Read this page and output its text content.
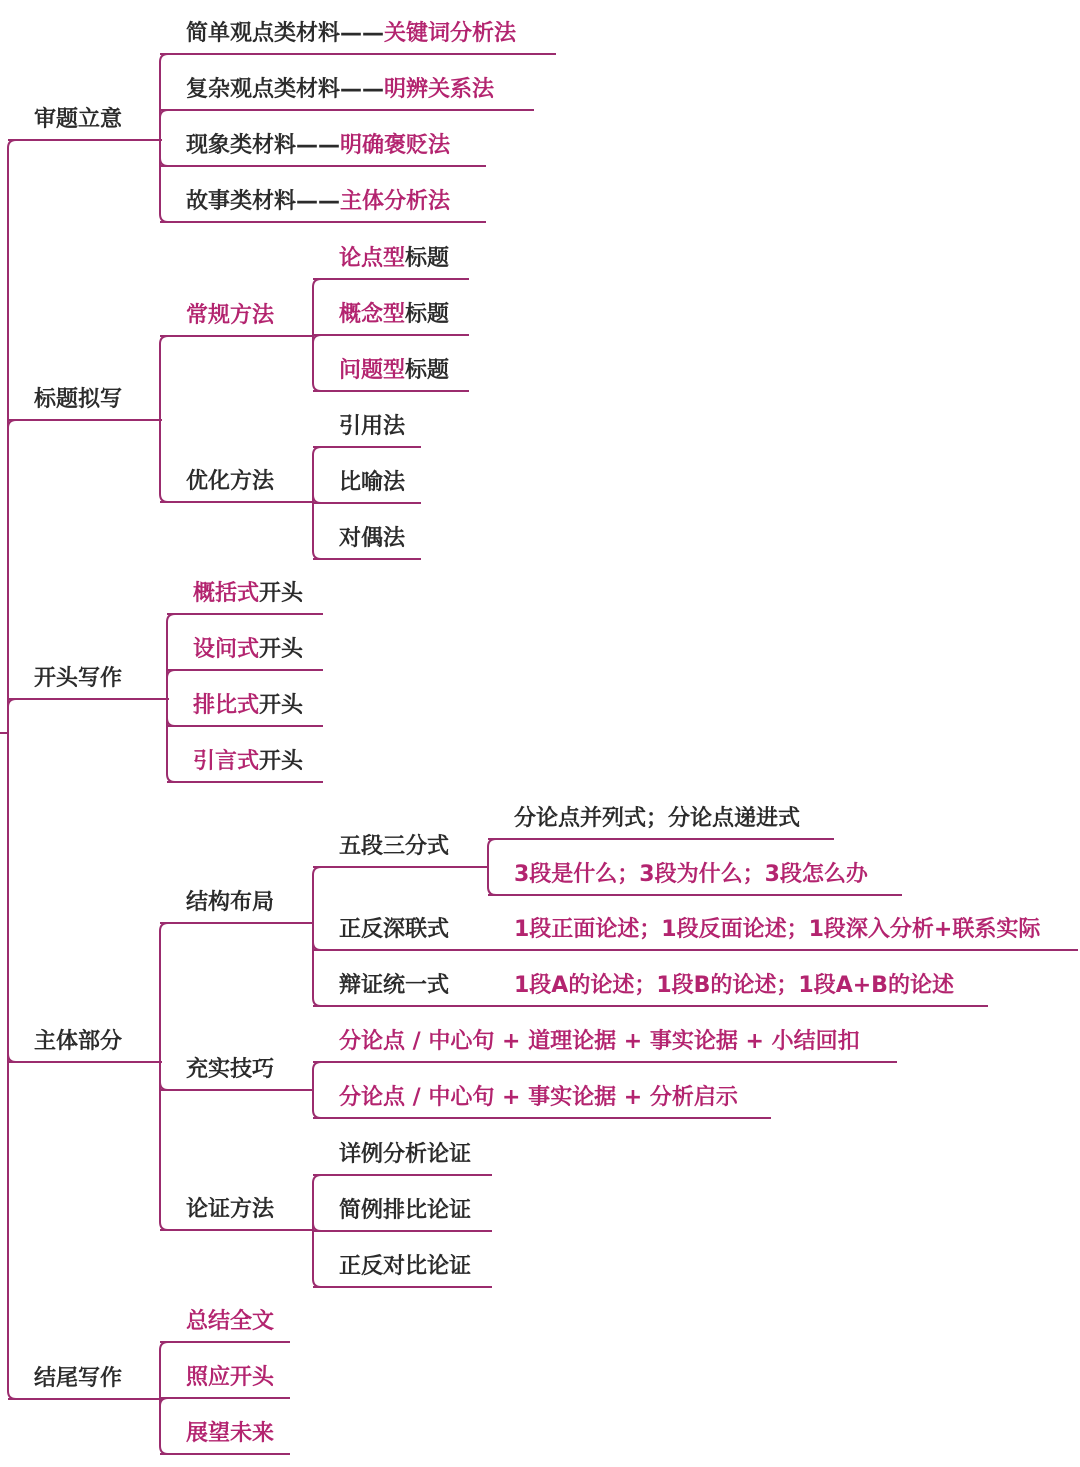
审题立意
简单观点类材料——关键词分析法
复杂观点类材料——明辨关系法
现象类材料——明确褒贬法
故事类材料——主体分析法
标题拟写
常规方法
论点型标题
概念型标题
问题型标题
优化方法
引用法
比喻法
对偶法
开头写作
概括式开头
设问式开头
排比式开头
引言式开头
主体部分
结构布局
五段三分式
分论点并列式；分论点递进式
3段是什么；3段为什么；3段怎么办
正反深联式	1段正面论述；1段反面论述；1段深入分析+联系实际
辩证统一式	1段A的论述；1段B的论述；1段A+B的论述
充实技巧
分论点 / 中心句 + 道理论据 + 事实论据 + 小结回扣
分论点 / 中心句 + 事实论据 + 分析启示
论证方法
详例分析论证
简例排比论证
正反对比论证
结尾写作
总结全文
照应开头
展望未来
